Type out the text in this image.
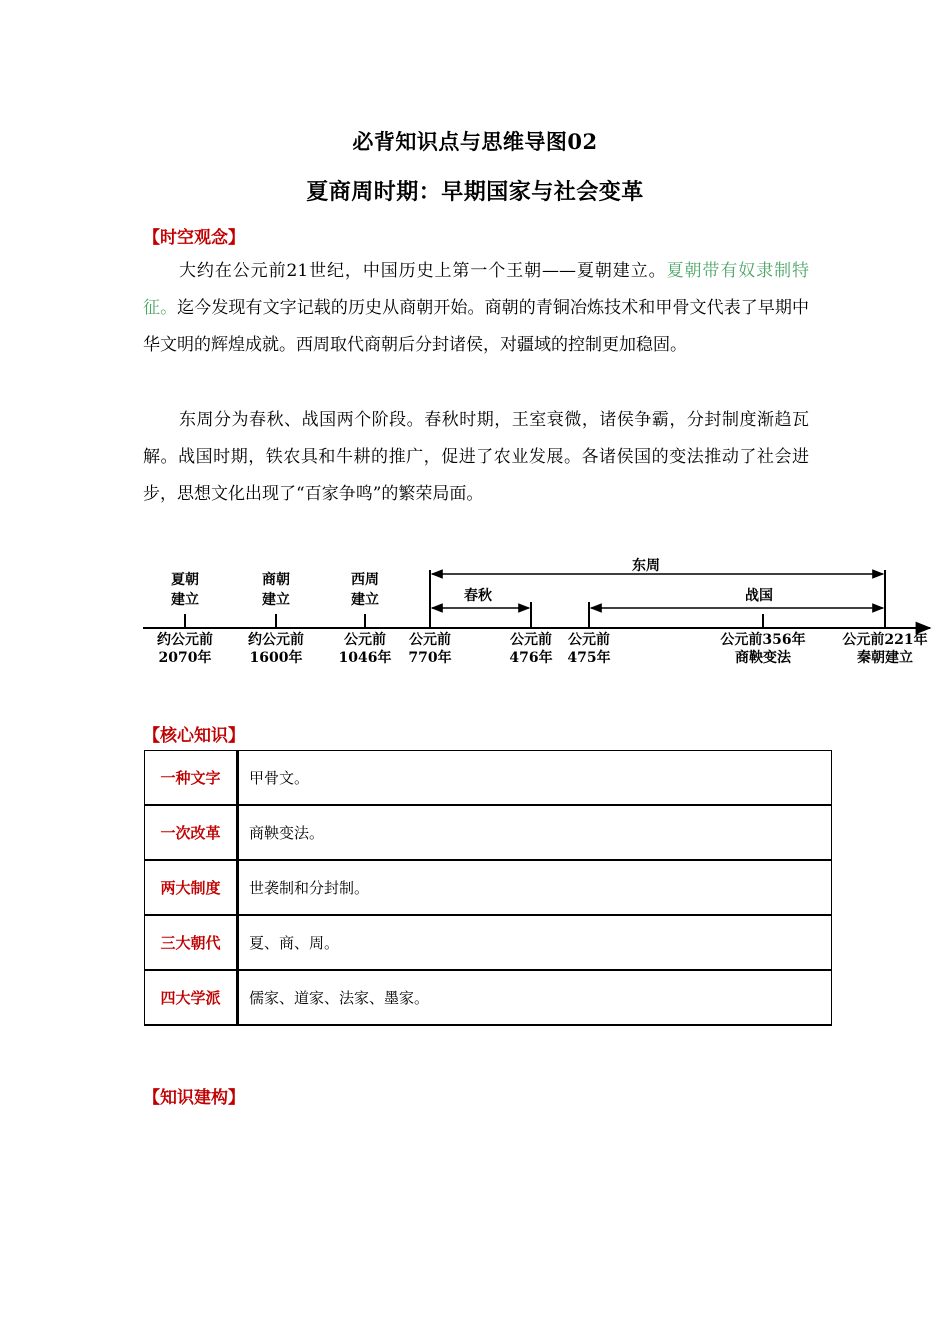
必背知识点与思维导图02
夏商周时期：早期国家与社会变革
【时空观念】
大约在公元前21世纪，中国历史上第一个王朝——夏朝建立。夏朝带有奴隶制特征。迄今发现有文字记载的历史从商朝开始。商朝的青铜冶炼技术和甲骨文代表了早期中华文明的辉煌成就。西周取代商朝后分封诸侯，对疆域的控制更加稳固。
东周分为春秋、战国两个阶段。春秋时期，王室衰微，诸侯争霸，分封制度渐趋瓦解。战国时期，铁农具和牛耕的推广，促进了农业发展。各诸侯国的变法推动了社会进步，思想文化出现了“百家争鸣”的繁荣局面。
东周
春秋	战国
夏朝
建立
商朝
建立
西周
建立
约公元前
2070年
约公元前
1600年
公元前
1046年
公元前
770年
公元前
476年
公元前
475年
公元前356年
商鞅变法
公元前221年
秦朝建立
【核心知识】
一种文字	甲骨文。
一次改革	商鞅变法。
两大制度	世袭制和分封制。
三大朝代	夏、商、周。
四大学派	儒家、道家、法家、墨家。
【知识建构】
